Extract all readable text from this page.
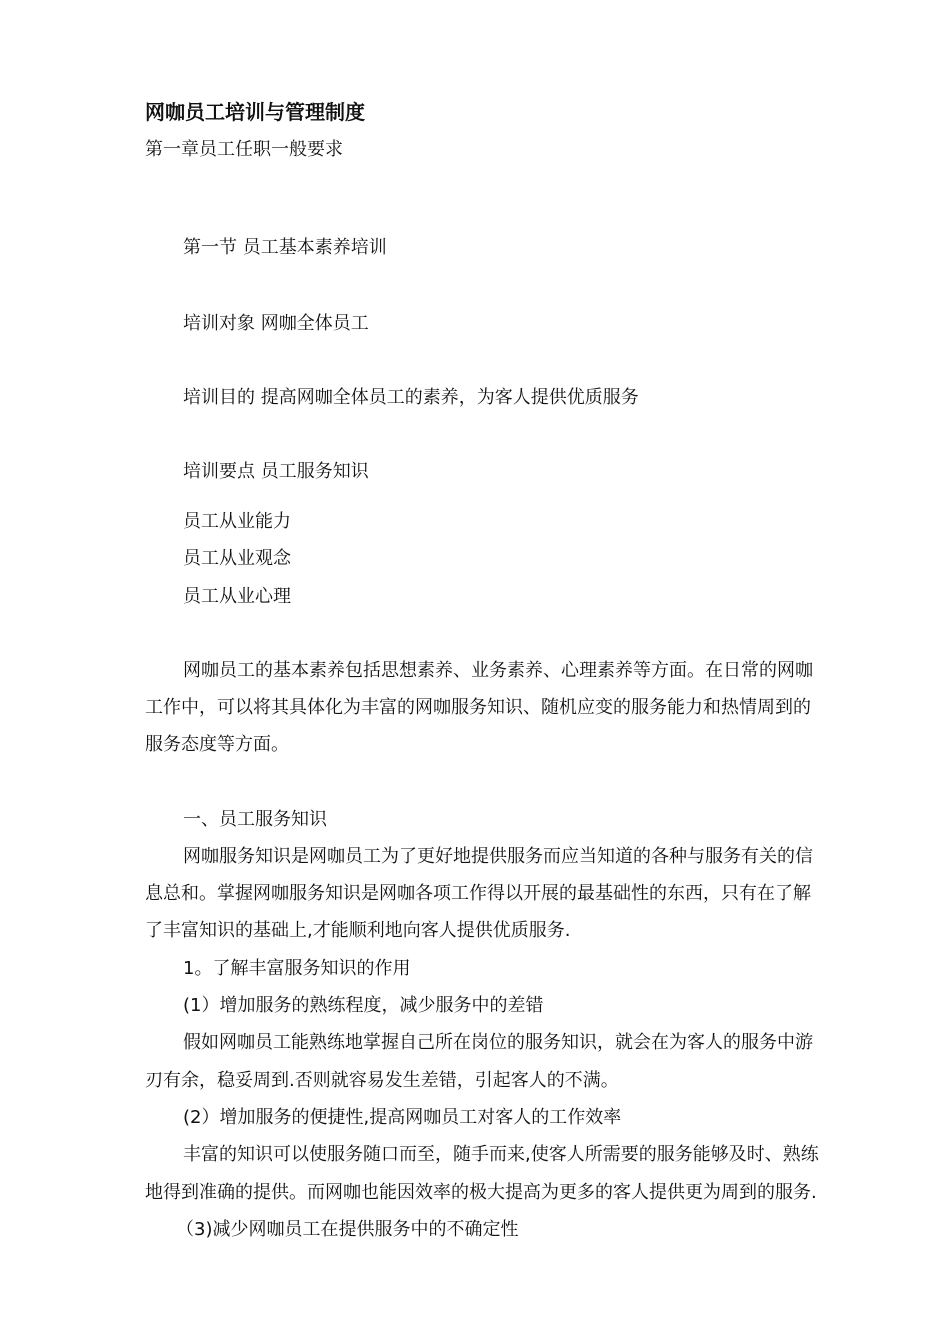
网咖员工培训与管理制度
第一章员工任职一般要求
第一节 员工基本素养培训
培训对象 网咖全体员工
培训目的 提高网咖全体员工的素养，为客人提供优质服务
培训要点 员工服务知识
员工从业能力
员工从业观念
员工从业心理
网咖员工的基本素养包括思想素养、业务素养、心理素养等方面。在日常的网咖
工作中，可以将其具体化为丰富的网咖服务知识、随机应变的服务能力和热情周到的
服务态度等方面。
一、员工服务知识
网咖服务知识是网咖员工为了更好地提供服务而应当知道的各种与服务有关的信
息总和。掌握网咖服务知识是网咖各项工作得以开展的最基础性的东西，只有在了解
了丰富知识的基础上,才能顺利地向客人提供优质服务.
1。了解丰富服务知识的作用
(1）增加服务的熟练程度，减少服务中的差错
假如网咖员工能熟练地掌握自己所在岗位的服务知识，就会在为客人的服务中游
刃有余，稳妥周到.否则就容易发生差错，引起客人的不满。
(2）增加服务的便捷性,提高网咖员工对客人的工作效率
丰富的知识可以使服务随口而至，随手而来,使客人所需要的服务能够及时、熟练
地得到准确的提供。而网咖也能因效率的极大提高为更多的客人提供更为周到的服务.
（3)减少网咖员工在提供服务中的不确定性
